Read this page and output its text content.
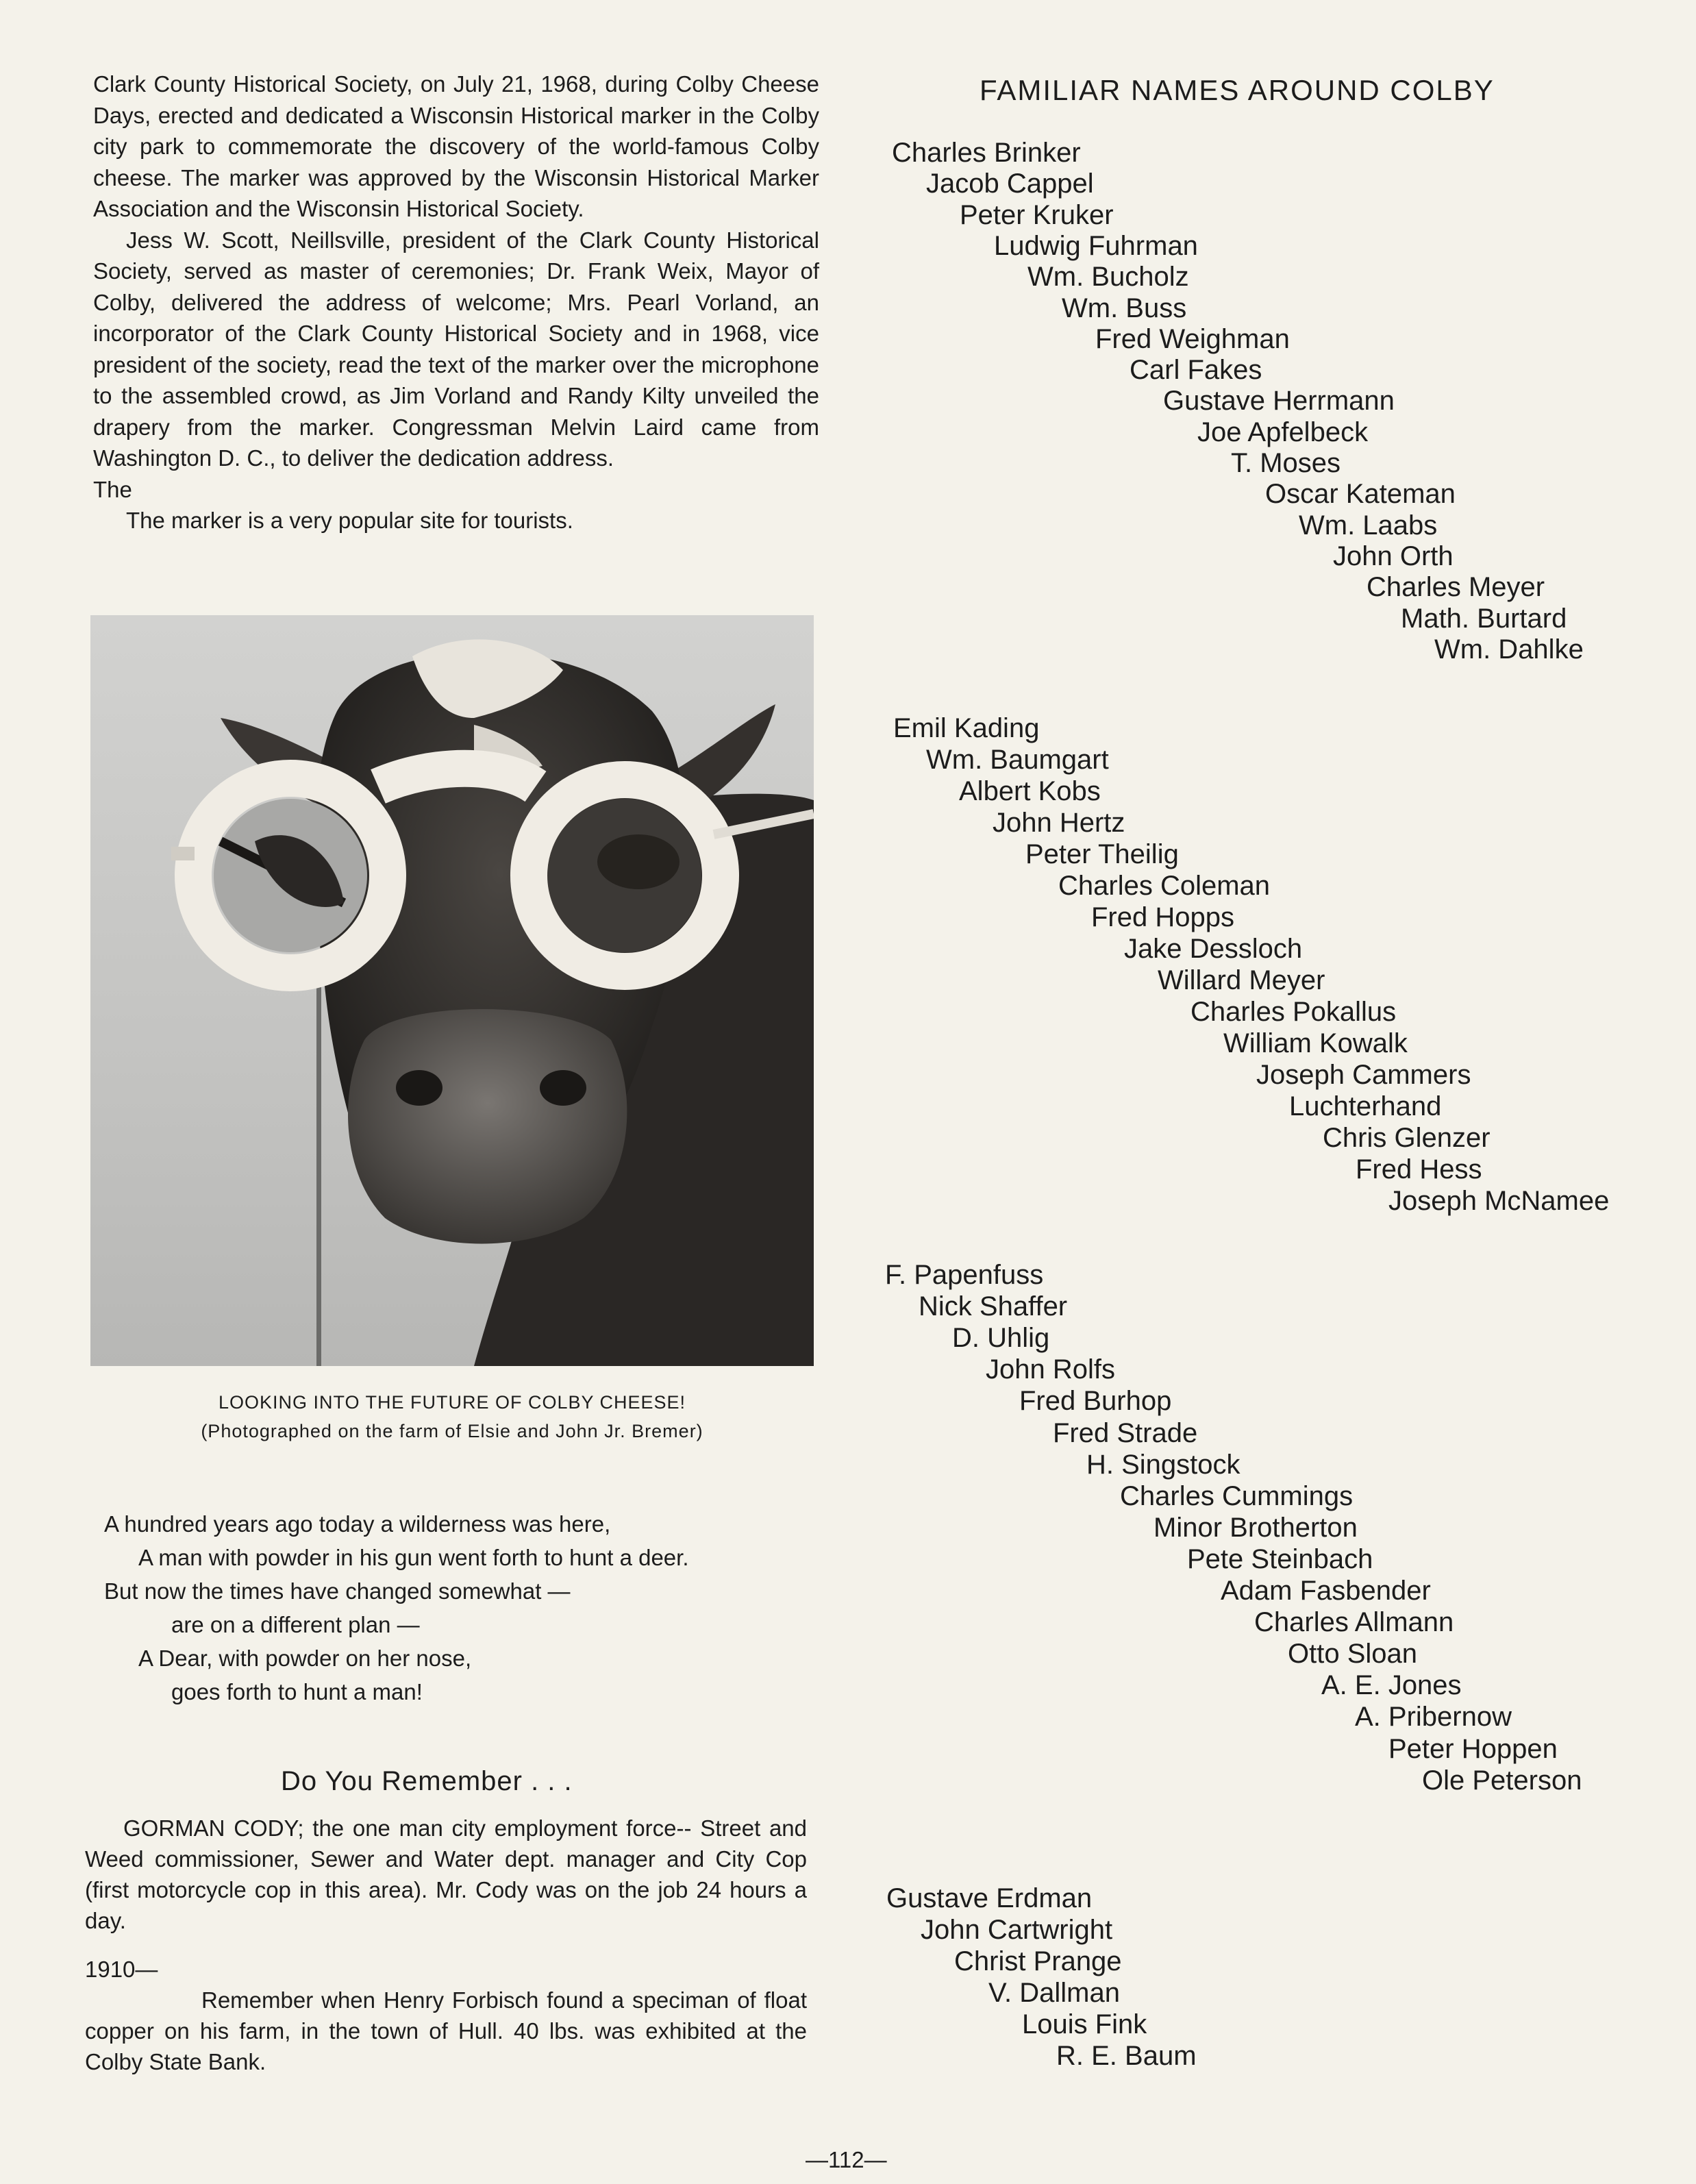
Clark County Historical Society, on July 21, 1968, during Colby Cheese Days, erected and dedicated a Wisconsin Historical marker in the Colby city park to commemorate the discovery of the world-famous Colby cheese. The marker was approved by the Wisconsin Historical Marker Association and the Wisconsin Historical Society.

Jess W. Scott, Neillsville, president of the Clark County Historical Society, served as master of ceremonies; Dr. Frank Weix, Mayor of Colby, delivered the address of welcome; Mrs. Pearl Vorland, an incorporator of the Clark County Historical Society and in 1968, vice president of the society, read the text of the marker over the microphone to the assembled crowd, as Jim Vorland and Randy Kilty unveiled the drapery from the marker. Congressman Melvin Laird came from Washington D. C., to deliver the dedication address.

The

The marker is a very popular site for tourists.

LOOKING INTO THE FUTURE OF COLBY CHEESE!
(Photographed on the farm of Elsie and John Jr. Bremer)
A hundred years ago today a wilderness was here,
A man with powder in his gun went forth to hunt a deer.
But now the times have changed somewhat —
are on a different plan —
A Dear, with powder on her nose,
goes forth to hunt a man!
Do You Remember . . .

GORMAN CODY; the one man city employment force-- Street and Weed commissioner, Sewer and Water dept. manager and City Cop (first motorcycle cop in this area). Mr. Cody was on the job 24 hours a day.

1910—

Remember when Henry Forbisch found a speciman of float copper on his farm, in the town of Hull. 40 lbs. was exhibited at the Colby State Bank.

FAMILIAR NAMES AROUND COLBY
Charles Brinker
Jacob Cappel
Peter Kruker
Ludwig Fuhrman
Wm. Bucholz
Wm. Buss
Fred Weighman
Carl Fakes
Gustave Herrmann
Joe Apfelbeck
T. Moses
Oscar Kateman
Wm. Laabs
John Orth
Charles Meyer
Math. Burtard
Wm. Dahlke
Emil Kading
Wm. Baumgart
Albert Kobs
John Hertz
Peter Theilig
Charles Coleman
Fred Hopps
Jake Dessloch
Willard Meyer
Charles Pokallus
William Kowalk
Joseph Cammers
Luchterhand
Chris Glenzer
Fred Hess
Joseph McNamee
F. Papenfuss
Nick Shaffer
D. Uhlig
John Rolfs
Fred Burhop
Fred Strade
H. Singstock
Charles Cummings
Minor Brotherton
Pete Steinbach
Adam Fasbender
Charles Allmann
Otto Sloan
A. E. Jones
A. Pribernow
Peter Hoppen
Ole Peterson
Gustave Erdman
John Cartwright
Christ Prange
V. Dallman
Louis Fink
R. E. Baum
—112—
